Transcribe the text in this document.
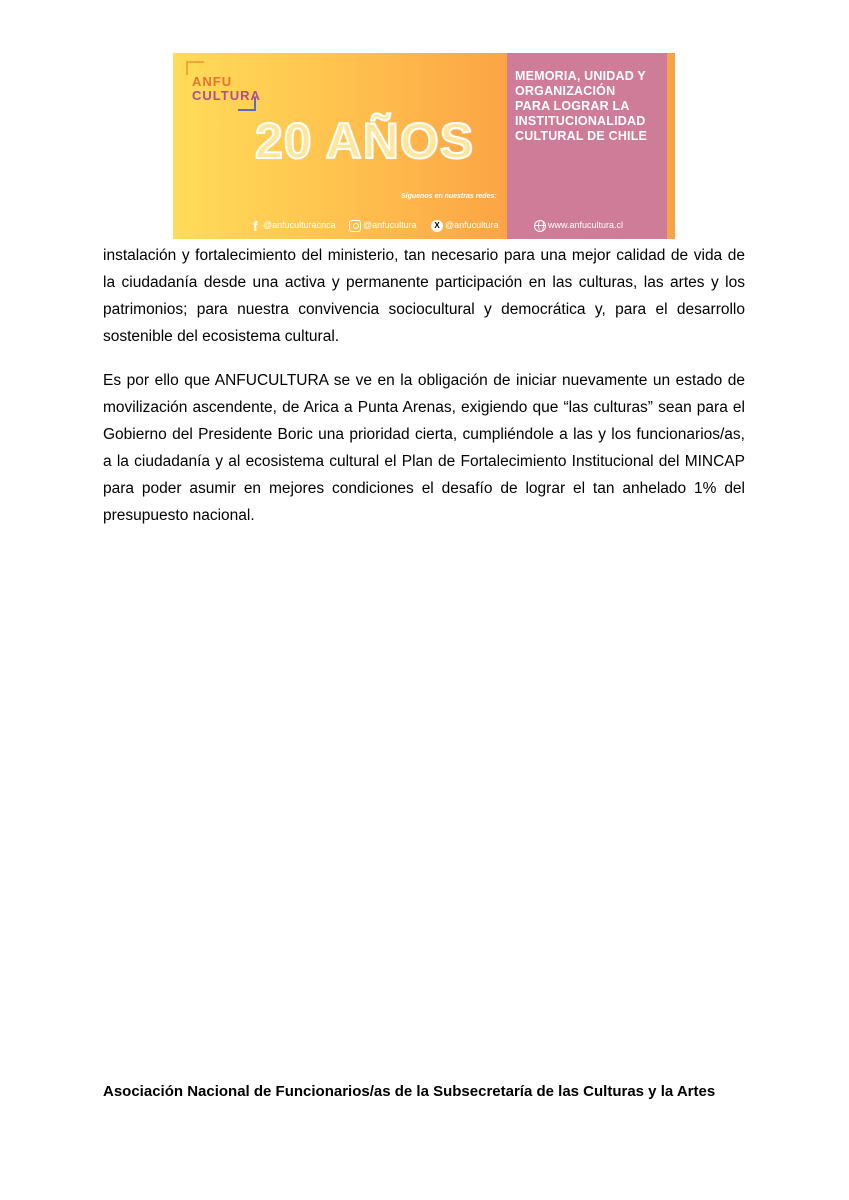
ANFU
CULTURA
20 AÑOS
MEMORIA, UNIDAD Y
ORGANIZACIÓN
PARA LOGRAR LA
INSTITUCIONALIDAD
CULTURAL DE CHILE
Síguenos en nuestras redes:
f @anfuculturacnca	@anfucultura	X @anfucultura	www.anfucultura.cl
instalación y fortalecimiento del ministerio, tan necesario para una mejor calidad de vida de
la ciudadanía desde una activa y permanente participación en las culturas, las artes y los
patrimonios; para nuestra convivencia sociocultural y democrática y, para el desarrollo
sostenible del ecosistema cultural.
Es por ello que ANFUCULTURA se ve en la obligación de iniciar nuevamente un estado de
movilización ascendente, de Arica a Punta Arenas, exigiendo que “las culturas” sean para el
Gobierno del Presidente Boric una prioridad cierta, cumpliéndole a las y los funcionarios/as,
a la ciudadanía y al ecosistema cultural el Plan de Fortalecimiento Institucional del MINCAP
para poder asumir en mejores condiciones el desafío de lograr el tan anhelado 1% del
presupuesto nacional.
Asociación Nacional de Funcionarios/as de la Subsecretaría de las Culturas y la Artes
